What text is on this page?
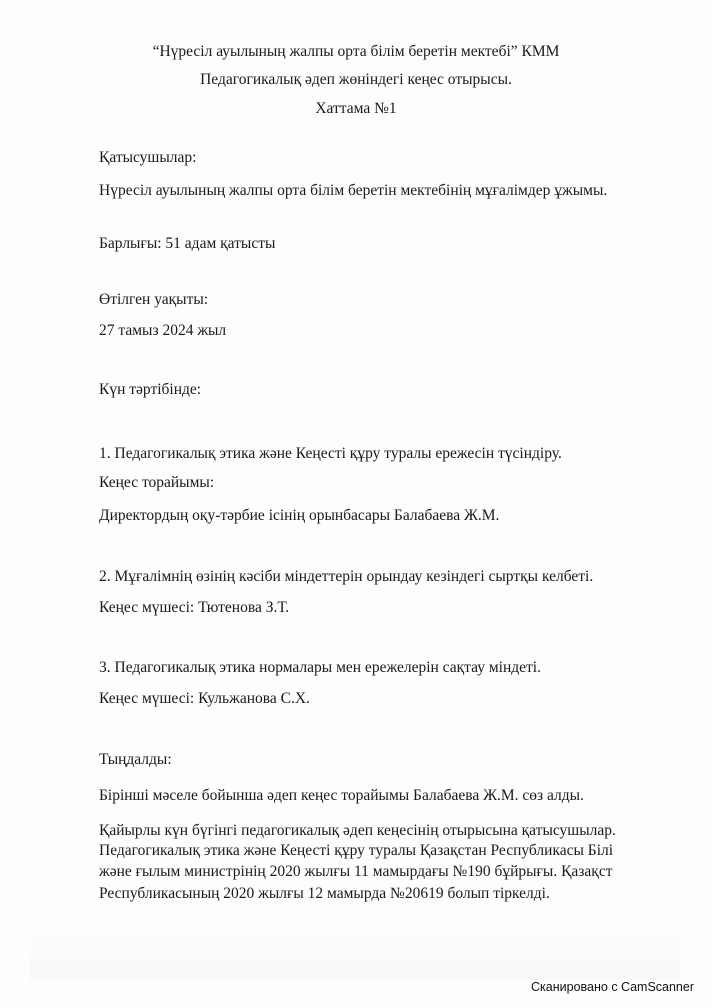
“Нүресіл ауылының жалпы орта білім беретін мектебі” КММ
Педагогикалық әдеп жөніндегі кеңес отырысы.
Хаттама №1
Қатысушылар:
Нүресіл ауылының жалпы орта білім беретін мектебінің мұғалімдер ұжымы.
Барлығы: 51 адам қатысты
Өтілген уақыты:
27 тамыз 2024 жыл
Күн тәртібінде:
1. Педагогикалық этика және Кеңесті құру туралы ережесін түсіндіру.
Кеңес торайымы:
Директордың оқу-тәрбие ісінің орынбасары Балабаева Ж.М.
2. Мұғалімнің өзінің кәсіби міндеттерін орындау кезіндегі сыртқы келбеті.
Кеңес мүшесі: Тютенова З.Т.
3. Педагогикалық этика нормалары мен ережелерін сақтау міндеті.
Кеңес мүшесі: Кульжанова С.Х.
Тыңдалды:
Бірінші мәселе бойынша әдеп кеңес торайымы Балабаева Ж.М. сөз алды.
Қайырлы күн бүгінгі педагогикалық әдеп кеңесінің отырысына қатысушылар.
Педагогикалық этика және Кеңесті құру туралы Қазақстан Республикасы Білі
және ғылым министрінің 2020 жылғы 11 мамырдағы №190 бұйрығы. Қазақст
Республикасының 2020 жылғы 12 мамырда №20619 болып тіркелді.
Сканировано с CamScanner
